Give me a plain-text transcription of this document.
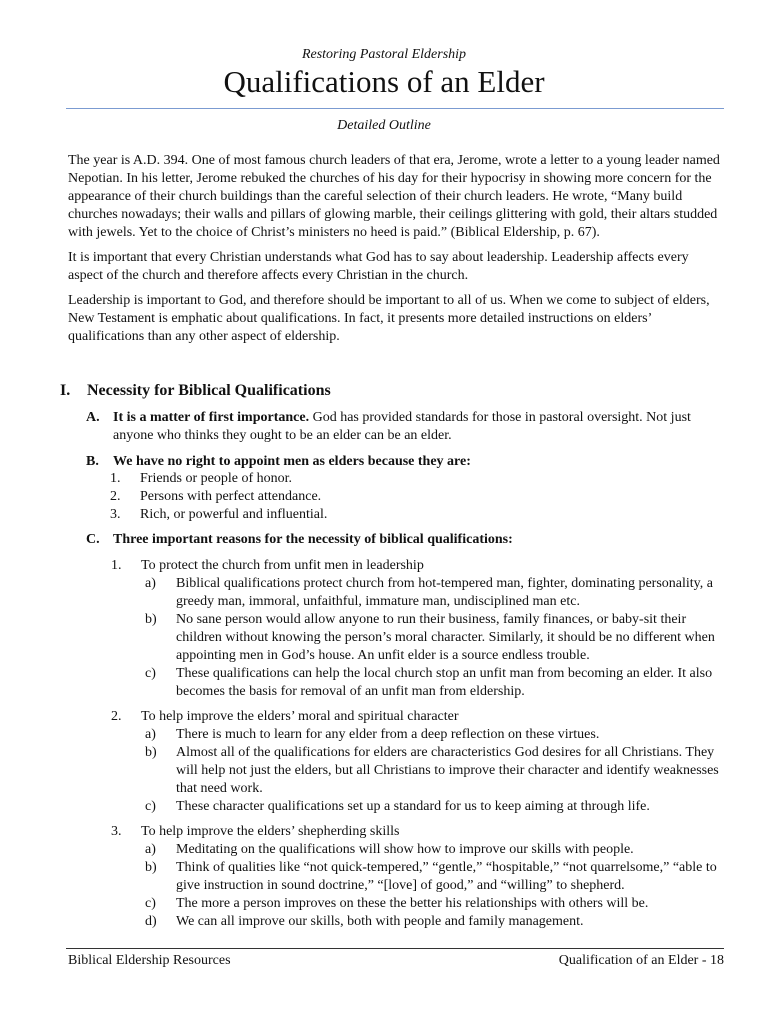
Restoring Pastoral Eldership
Qualifications of an Elder
Detailed Outline

The year is A.D. 394. One of most famous church leaders of that era, Jerome, wrote a letter to a young leader named Nepotian. In his letter, Jerome rebuked the churches of his day for their hypocrisy in showing more concern for the appearance of their church buildings than the careful selection of their church leaders. He wrote, “Many build churches nowadays; their walls and pillars of glowing marble, their ceilings glittering with gold, their altars studded with jewels. Yet to the choice of Christ’s ministers no heed is paid.” (Biblical Eldership, p. 67).

It is important that every Christian understands what God has to say about leadership. Leadership affects every aspect of the church and therefore affects every Christian in the church.

Leadership is important to God, and therefore should be important to all of us. When we come to subject of elders, New Testament is emphatic about qualifications. In fact, it presents more detailed instructions on elders’ qualifications than any other aspect of eldership.

I. Necessity for Biblical Qualifications
A. It is a matter of first importance. God has provided standards for those in pastoral oversight. Not just anyone who thinks they ought to be an elder can be an elder.
B. We have no right to appoint men as elders because they are:
1. Friends or people of honor.
2. Persons with perfect attendance.
3. Rich, or powerful and influential.
C. Three important reasons for the necessity of biblical qualifications:
1. To protect the church from unfit men in leadership
a) Biblical qualifications protect church from hot-tempered man, fighter, dominating personality, a greedy man, immoral, unfaithful, immature man, undisciplined man etc.
b) No sane person would allow anyone to run their business, family finances, or baby-sit their children without knowing the person’s moral character. Similarly, it should be no different when appointing men in God’s house. An unfit elder is a source endless trouble.
c) These qualifications can help the local church stop an unfit man from becoming an elder. It also becomes the basis for removal of an unfit man from eldership.
2. To help improve the elders’ moral and spiritual character
a) There is much to learn for any elder from a deep reflection on these virtues.
b) Almost all of the qualifications for elders are characteristics God desires for all Christians. They will help not just the elders, but all Christians to improve their character and identify weaknesses that need work.
c) These character qualifications set up a standard for us to keep aiming at through life.
3. To help improve the elders’ shepherding skills
a) Meditating on the qualifications will show how to improve our skills with people.
b) Think of qualities like “not quick-tempered,” “gentle,” “hospitable,” “not quarrelsome,” “able to give instruction in sound doctrine,” “[love] of good,” and “willing” to shepherd.
c) The more a person improves on these the better his relationships with others will be.
d) We can all improve our skills, both with people and family management.
Biblical Eldership Resources	Qualification of an Elder - 18
